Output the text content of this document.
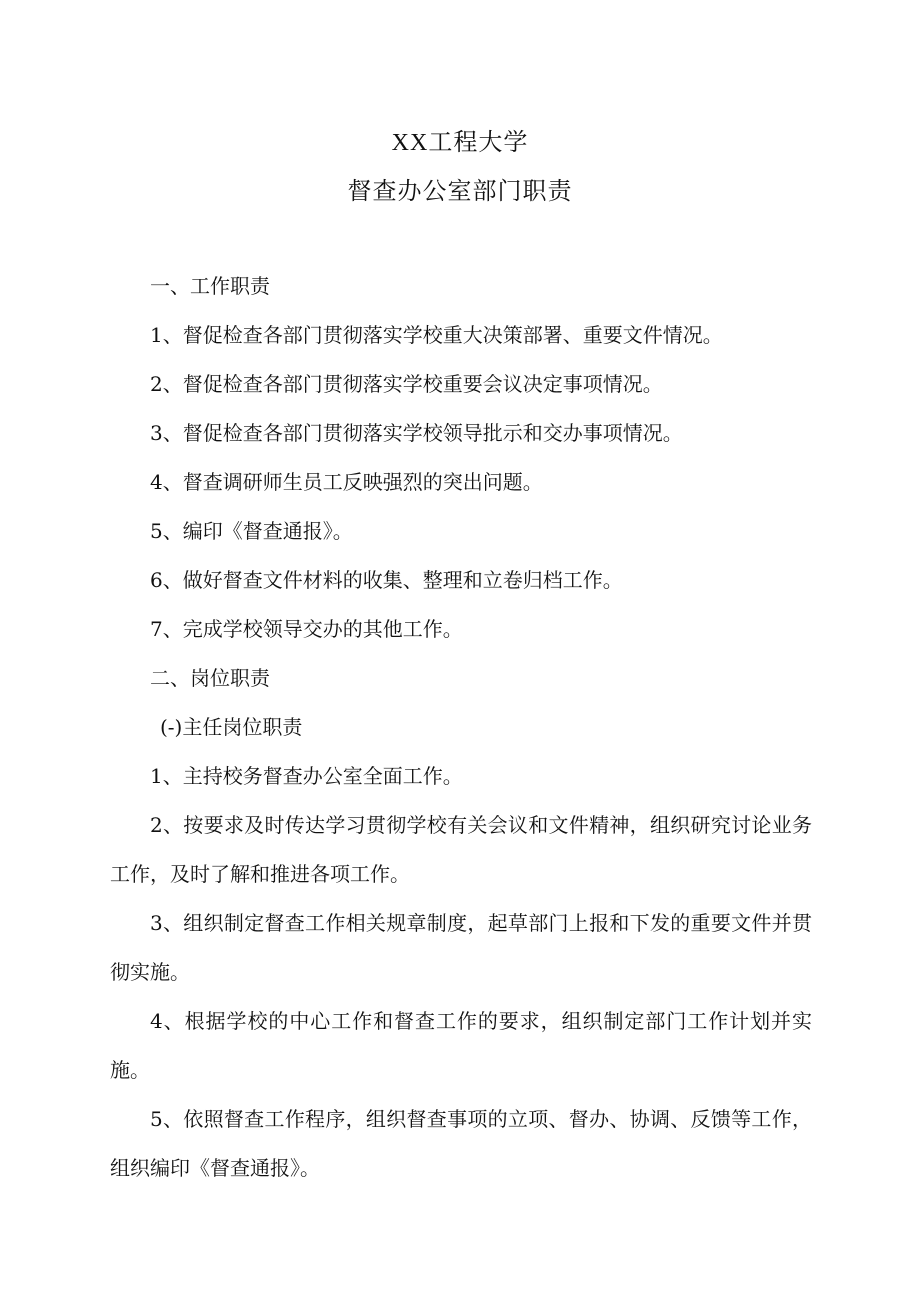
XX工程大学
督查办公室部门职责
一、工作职责
1、督促检查各部门贯彻落实学校重大决策部署、重要文件情况。
2、督促检查各部门贯彻落实学校重要会议决定事项情况。
3、督促检查各部门贯彻落实学校领导批示和交办事项情况。
4、督查调研师生员工反映强烈的突出问题。
5、编印《督查通报》。
6、做好督查文件材料的收集、整理和立卷归档工作。
7、完成学校领导交办的其他工作。
二、岗位职责
(-)主任岗位职责
1、主持校务督查办公室全面工作。
2、按要求及时传达学习贯彻学校有关会议和文件精神，组织研究讨论业务工作，及时了解和推进各项工作。
3、组织制定督查工作相关规章制度，起草部门上报和下发的重要文件并贯彻实施。
4、根据学校的中心工作和督查工作的要求，组织制定部门工作计划并实施。
5、依照督查工作程序，组织督查事项的立项、督办、协调、反馈等工作，组织编印《督查通报》。
